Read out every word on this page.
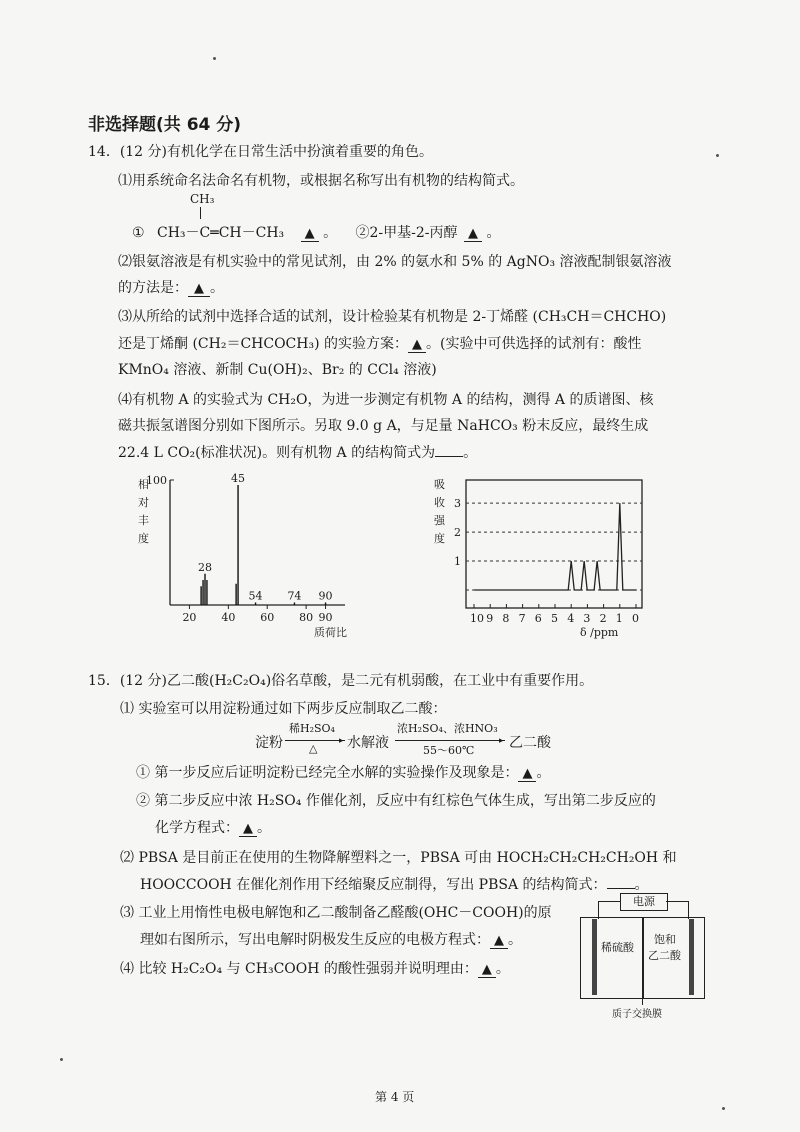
非选择题(共 64 分)
14．(12 分)有机化学在日常生活中扮演着重要的角色。
⑴用系统命名法命名有机物，或根据名称写出有机物的结构简式。
CH₃
① CH₃－C═CH－CH₃ ▲ 。 ②2-甲基-2-丙醇 ▲ 。
⑵银氨溶液是有机实验中的常见试剂，由 2% 的氨水和 5% 的 AgNO₃ 溶液配制银氨溶液
的方法是： ▲ 。
⑶从所给的试剂中选择合适的试剂，设计检验某有机物是 2-丁烯醛 (CH₃CH＝CHCHO)
还是丁烯酮 (CH₂＝CHCOCH₃) 的实验方案： ▲ 。(实验中可供选择的试剂有：酸性
KMnO₄ 溶液、新制 Cu(OH)₂、Br₂ 的 CCl₄ 溶液)
⑷有机物 A 的实验式为 CH₂O，为进一步测定有机物 A 的结构，测得 A 的质谱图、核
磁共振氢谱图分别如下图所示。另取 9.0 g A，与足量 NaHCO₃ 粉末反应，最终生成
22.4 L CO₂(标准状况)。则有机物 A 的结构简式为 。
相
对
丰
度
100
20 40 60 80 90
28
45
54 74 90
质荷比
吸
收
强
度
3
2
1
10 9 8 7 6 5 4 3 2 1 0
δ /ppm
15．(12 分)乙二酸(H₂C₂O₄)俗名草酸，是二元有机弱酸，在工业中有重要作用。
⑴ 实验室可以用淀粉通过如下两步反应制取乙二酸：
淀粉
稀H₂SO₄
▸
△ 水解液
浓H₂SO₄、浓HNO₃
▸
55～60℃ 乙二酸
① 第一步反应后证明淀粉已经完全水解的实验操作及现象是： ▲ 。
② 第二步反应中浓 H₂SO₄ 作催化剂，反应中有红棕色气体生成，写出第二步反应的
化学方程式： ▲ 。
⑵ PBSA 是目前正在使用的生物降解塑料之一，PBSA 可由 HOCH₂CH₂CH₂CH₂OH 和
HOOCCOOH 在催化剂作用下经缩聚反应制得，写出 PBSA 的结构简式： 。
⑶ 工业上用惰性电极电解饱和乙二酸制备乙醛酸(OHC－COOH)的原
理如右图所示，写出电解时阴极发生反应的电极方程式： ▲ 。
⑷ 比较 H₂C₂O₄ 与 CH₃COOH 的酸性强弱并说明理由： ▲ 。
电源
稀硫酸
饱和
乙二酸
质子交换膜
第 4 页
